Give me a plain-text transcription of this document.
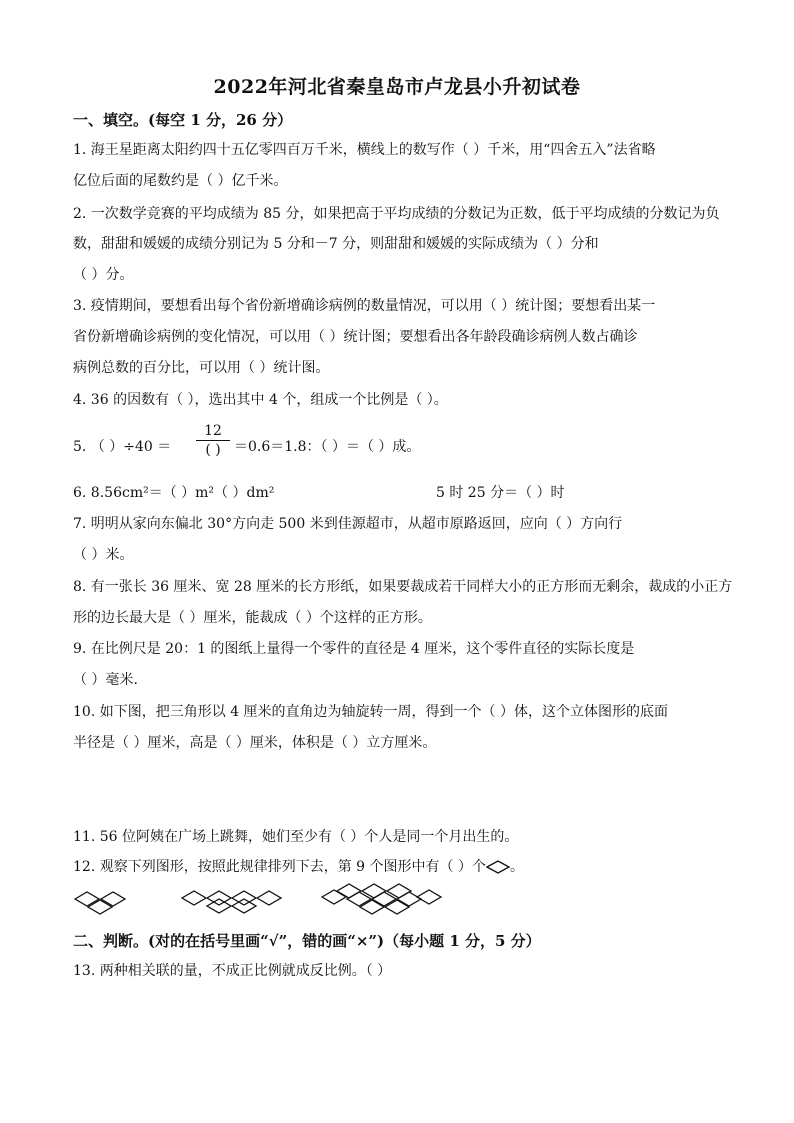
2022年河北省秦皇岛市卢龙县小升初试卷
一、填空。(每空 1 分，26 分）
1. 海王星距离太阳约四十五亿零四百万千米，横线上的数写作（ ）千米，用“四舍五入”法省略
亿位后面的尾数约是（ ）亿千米。
2. 一次数学竞赛的平均成绩为 85 分，如果把高于平均成绩的分数记为正数，低于平均成绩的分数记为负
数，甜甜和媛媛的成绩分别记为 5 分和－7 分，则甜甜和媛媛的实际成绩为（ ）分和
（ ）分。
3. 疫情期间，要想看出每个省份新增确诊病例的数量情况，可以用（ ）统计图；要想看出某一
省份新增确诊病例的变化情况，可以用（ ）统计图；要想看出各年龄段确诊病例人数占确诊
病例总数的百分比，可以用（ ）统计图。
4. 36 的因数有（ ），选出其中 4 个，组成一个比例是（ ）。
5. （ ）÷40 ＝
12
( ) ＝0.6＝1.8：（ ）＝（ ）成。
6. 8.56cm²＝（ ）m²（ ）dm²	5 时 25 分＝（ ）时
7. 明明从家向东偏北 30°方向走 500 米到佳源超市，从超市原路返回，应向（ ）方向行
（ ）米。
8. 有一张长 36 厘米、宽 28 厘米的长方形纸，如果要裁成若干同样大小的正方形而无剩余，裁成的小正方
形的边长最大是（ ）厘米，能裁成（ ）个这样的正方形。
9. 在比例尺是 20：1 的图纸上量得一个零件的直径是 4 厘米，这个零件直径的实际长度是
（ ）毫米.
10. 如下图，把三角形以 4 厘米的直角边为轴旋转一周，得到一个（ ）体，这个立体图形的底面
半径是（ ）厘米，高是（ ）厘米，体积是（ ）立方厘米。
11. 56 位阿姨在广场上跳舞，她们至少有（ ）个人是同一个月出生的。
12. 观察下列图形，按照此规律排列下去，第 9 个图形中有（ ）个 。
二、判断。(对的在括号里画“√”，错的画“×”)（每小题 1 分，5 分）
13. 两种相关联的量，不成正比例就成反比例。（ ）
